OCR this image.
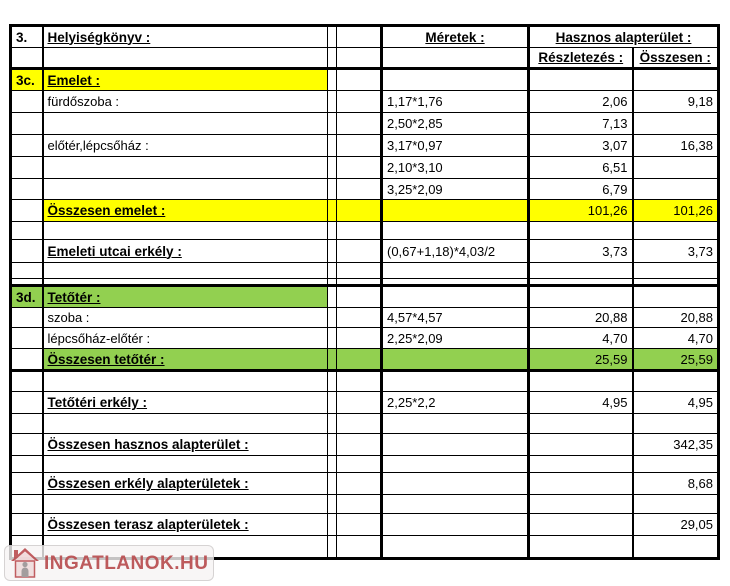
3.	Helyiségkönyv :			Méretek :	Hasznos alapterület :	
					Részletezés :	Összesen :
3c.	Emelet :					
	fürdőszoba :			1,17*1,76	2,06	9,18
				2,50*2,85	7,13	
	előtér,lépcsőház :			3,17*0,97	3,07	16,38
				2,10*3,10	6,51	
				3,25*2,09	6,79	
	Összesen emelet :				101,26	101,26

	Emeleti utcai erkély :			(0,67+1,18)*4,03/2	3,73	3,73

3d.	Tetőtér :					
	szoba :			4,57*4,57	20,88	20,88
	lépcsőház-előtér :			2,25*2,09	4,70	4,70
	Összesen tetőtér :				25,59	25,59

	Tetőtéri erkély :			2,25*2,2	4,95	4,95

	Összesen hasznos alapterület :					342,35

	Összesen erkély alapterületek :					8,68

	Összesen terasz alapterületek :					29,05

INGATLANOK.HU
